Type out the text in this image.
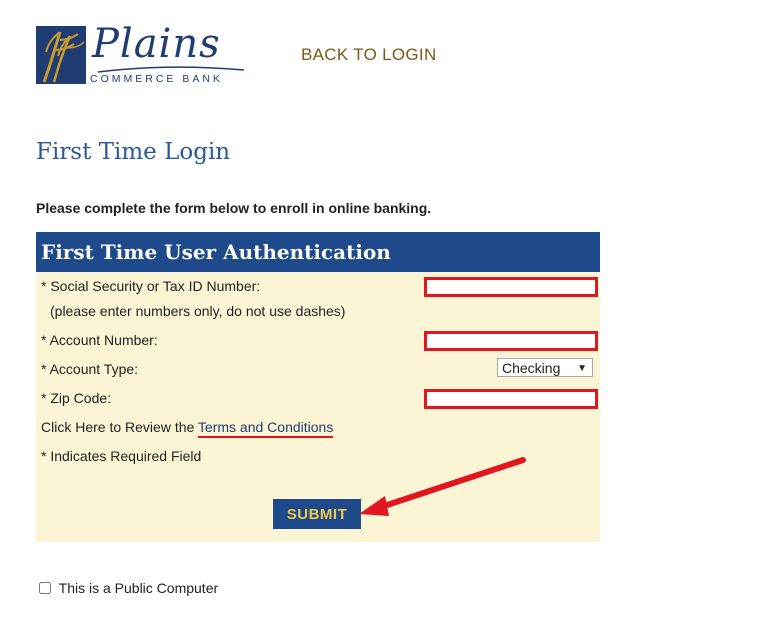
Plains
COMMERCE BANK
BACK TO LOGIN
First Time Login

Please complete the form below to enroll in online banking.

First Time User Authentication
* Social Security or Tax ID Number:
(please enter numbers only, do not use dashes)
* Account Number:
* Account Type:	Checking ▼
* Zip Code:
Click Here to Review the Terms and Conditions
* Indicates Required Field
SUBMIT
This is a Public Computer
